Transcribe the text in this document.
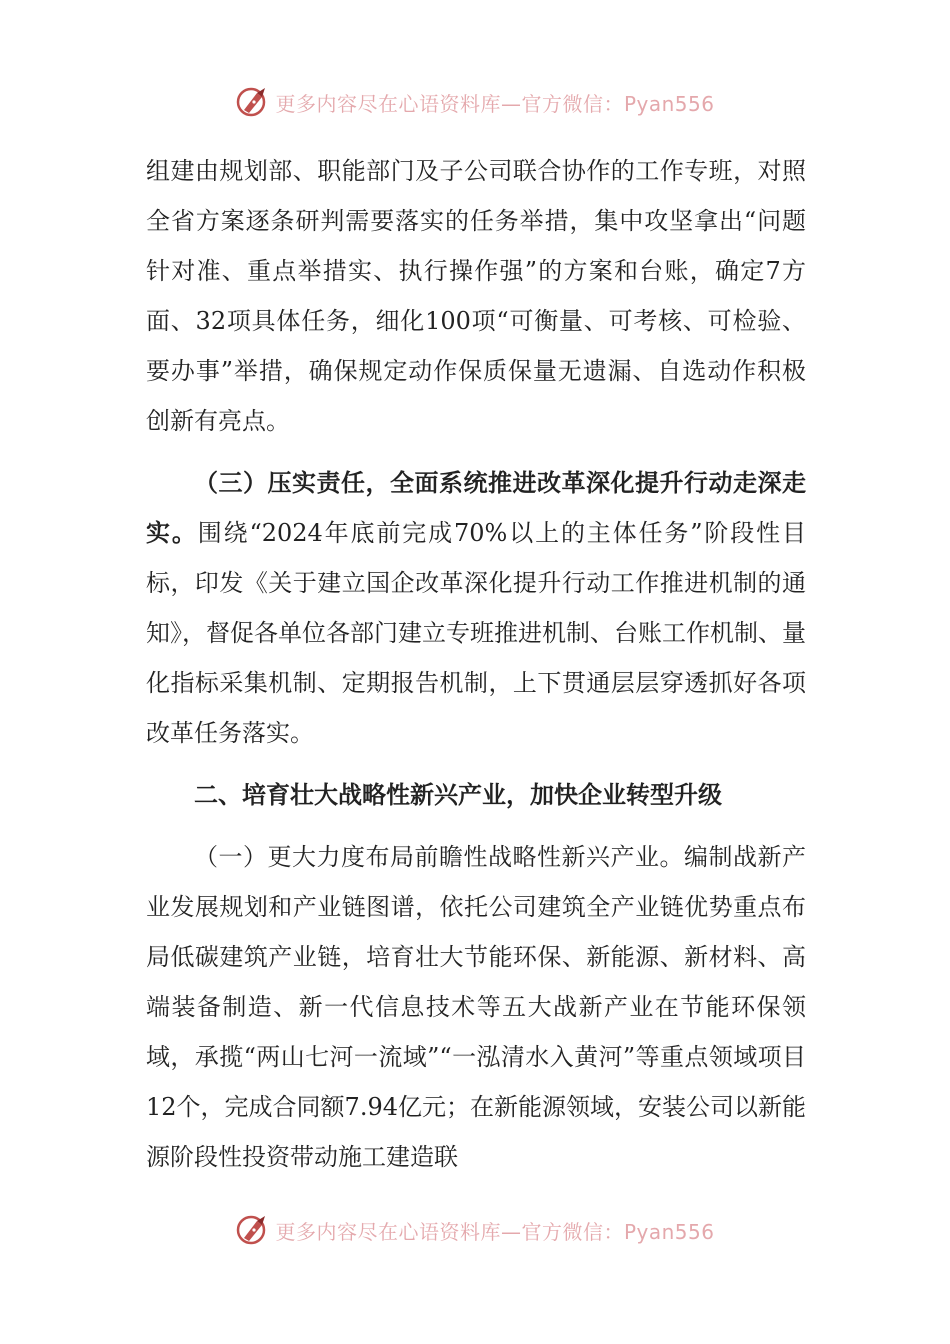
更多内容尽在心语资料库—官方微信：Pyan556

组建由规划部、职能部门及子公司联合协作的工作专班，对照全省方案逐条研判需要落实的任务举措，集中攻坚拿出“问题针对准、重点举措实、执行操作强”的方案和台账，确定7方面、32项具体任务，细化100项“可衡量、可考核、可检验、要办事”举措，确保规定动作保质保量无遗漏、自选动作积极创新有亮点。

（三）压实责任，全面系统推进改革深化提升行动走深走实。围绕“2024年底前完成70%以上的主体任务”阶段性目标，印发《关于建立国企改革深化提升行动工作推进机制的通知》，督促各单位各部门建立专班推进机制、台账工作机制、量化指标采集机制、定期报告机制，上下贯通层层穿透抓好各项改革任务落实。

二、培育壮大战略性新兴产业，加快企业转型升级

（一）更大力度布局前瞻性战略性新兴产业。编制战新产业发展规划和产业链图谱，依托公司建筑全产业链优势重点布局低碳建筑产业链，培育壮大节能环保、新能源、新材料、高端装备制造、新一代信息技术等五大战新产业在节能环保领域，承揽“两山七河一流域”“一泓清水入黄河”等重点领域项目12个，完成合同额7.94亿元；在新能源领域，安装公司以新能源阶段性投资带动施工建造联

更多内容尽在心语资料库—官方微信：Pyan556
